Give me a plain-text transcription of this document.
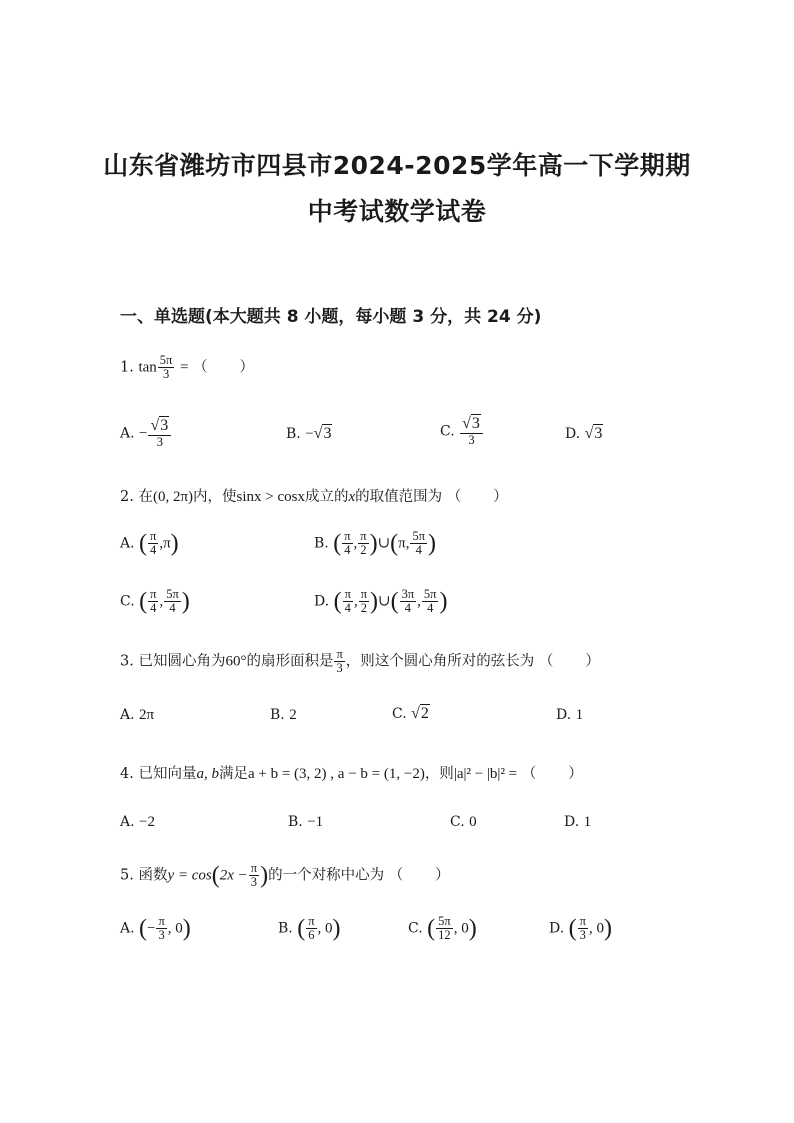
山东省潍坊市四县市2024-2025学年高一下学期期
中考试数学试卷
一、单选题(本大题共 8 小题，每小题 3 分，共 24 分)
1. $\tan \frac{5\pi}{3}$ = （　　）
A. − $\frac{√3}{3}$	B. −√3	C. $\frac{√3}{3}$	D. √3
2. 在(0, 2π)内，使sinx > cosx成立的x的取值范围为 （　　）
A. ( $\frac{\pi}{4} ,\pi$)	B. ( $\frac{\pi}{4}$ , $\frac{\pi}{2}$ )∪(π, $\frac{5\pi}{4}$ )
C. ( $\frac{\pi}{4}$ , $\frac{5\pi}{4}$ )	D. ( $\frac{\pi}{4}$ , $\frac{\pi}{2}$ )∪( $\frac{3\pi}{4}$ , $\frac{5\pi}{4}$ )
3. 已知圆心角为60°的扇形面积是 $\frac{\pi}{3}$ ，则这个圆心角所对的弦长为 （　　）
A. 2π	B. 2	C. √2	D. 1
4. 已知向量a, b满足a + b = (3, 2) , a − b = (1, −2)，则|a|² − |b|² = （　　）
A. −2	B. −1	C. 0	D. 1
5. 函数$y = \cos(2x - \frac{\pi}{3}$ )的一个对称中心为 （　　）
A. (− $\frac{\pi}{3}$ , 0)	B. ( $\frac{\pi}{6}$ , 0)	C. ( $\frac{5\pi}{12}$ , 0)	D. ( $\frac{\pi}{3}$ , 0)
